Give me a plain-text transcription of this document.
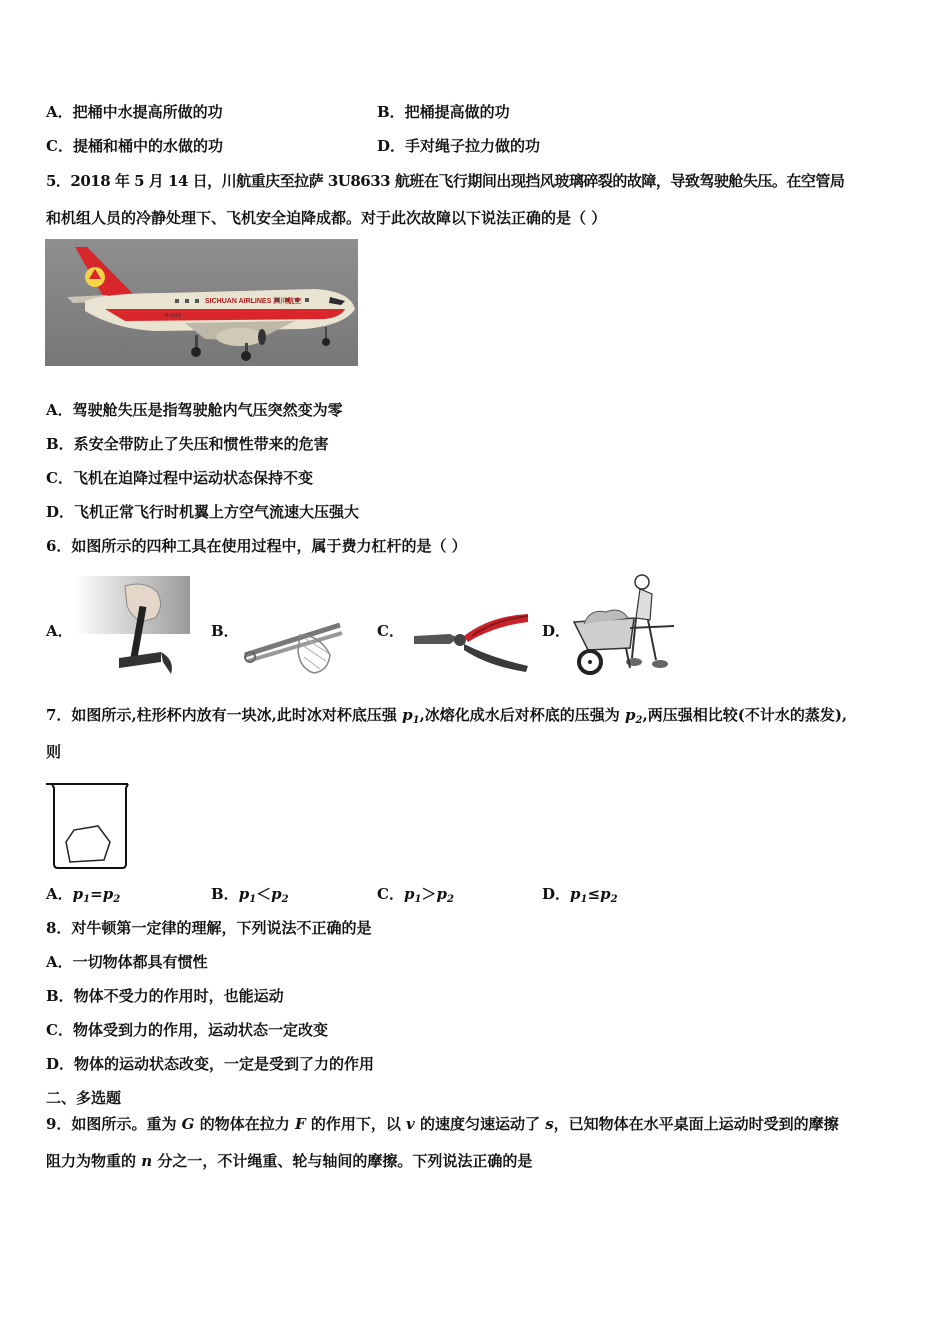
A．把桶中水提高所做的功	B．把桶提高做的功
C．提桶和桶中的水做的功	D．手对绳子拉力做的功
5．2018 年 5 月 14 日，川航重庆至拉萨 3U8633 航班在飞行期间出现挡风玻璃碎裂的故障，导致驾驶舱失压。在空管局
和机组人员的冷静处理下、飞机安全迫降成都。对于此次故障以下说法正确的是（ ）
SICHUAN AIRLINES 四川航空
B-6419
A．驾驶舱失压是指驾驶舱内气压突然变为零
B．系安全带防止了失压和惯性带来的危害
C．飞机在迫降过程中运动状态保持不变
D．飞机正常飞行时机翼上方空气流速大压强大
6．如图所示的四种工具在使用过程中，属于费力杠杆的是（ ）
A．	B．	C．	D．
7．如图所示,柱形杯内放有一块冰,此时冰对杯底压强 $p_1$,冰熔化成水后对杯底的压强为 $p_2$,两压强相比较(不计水的蒸发),
则
A．$p_1=p_2$	B．$p_1<p_2$	C．$p_1>p_2$	D．$p_1\le p_2$
8．对牛顿第一定律的理解，下列说法不正确的是
A．一切物体都具有惯性
B．物体不受力的作用时，也能运动
C．物体受到力的作用，运动状态一定改变
D．物体的运动状态改变，一定是受到了力的作用
二、多选题
9．如图所示。重为 G 的物体在拉力 F 的作用下，以 v 的速度匀速运动了 s，已知物体在水平桌面上运动时受到的摩擦
阻力为物重的 n 分之一，不计绳重、轮与轴间的摩擦。下列说法正确的是
